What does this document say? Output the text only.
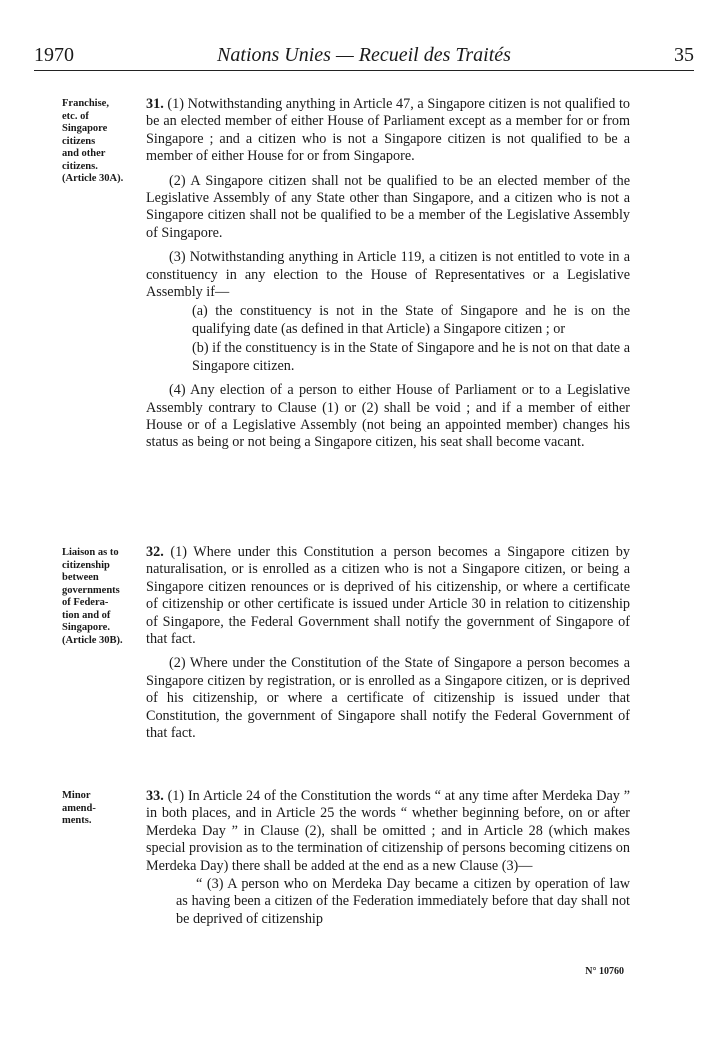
1970	Nations Unies — Recueil des Traités	35
Franchise,
etc. of
Singapore
citizens
and other
citizens.
(Article 30A).

31. (1) Notwithstanding anything in Article 47, a Singapore citizen is not qualified to be an elected member of either House of Parliament except as a member for or from Singapore ; and a citizen who is not a Singapore citizen is not qualified to be a member of either House for or from Singapore.

(2) A Singapore citizen shall not be qualified to be an elected member of the Legislative Assembly of any State other than Singapore, and a citizen who is not a Singapore citizen shall not be qualified to be a member of the Legislative Assembly of Singapore.

(3) Notwithstanding anything in Article 119, a citizen is not entitled to vote in a constituency in any election to the House of Representatives or a Legislative Assembly if—

(a) the constituency is not in the State of Singapore and he is on the qualifying date (as defined in that Article) a Singapore citizen ; or

(b) if the constituency is in the State of Singapore and he is not on that date a Singapore citizen.

(4) Any election of a person to either House of Parliament or to a Legislative Assembly contrary to Clause (1) or (2) shall be void ; and if a member of either House or of a Legislative Assembly (not being an appointed member) changes his status as being or not being a Singapore citizen, his seat shall become vacant.

Liaison as to
citizenship
between
governments
of Federa-
tion and of
Singapore.
(Article 30B).

32. (1) Where under this Constitution a person becomes a Singapore citizen by naturalisation, or is enrolled as a citizen who is not a Singapore citizen, or being a Singapore citizen renounces or is deprived of his citizenship, or where a certificate of citizenship or other certificate is issued under Article 30 in relation to citizenship of Singapore, the Federal Government shall notify the government of Singapore of that fact.

(2) Where under the Constitution of the State of Singapore a person becomes a Singapore citizen by registration, or is enrolled as a Singapore citizen, or is deprived of his citizenship, or where a certificate of citizenship is issued under that Constitution, the government of Singapore shall notify the Federal Government of that fact.

Minor
amend-
ments.

33. (1) In Article 24 of the Constitution the words “ at any time after Merdeka Day ” in both places, and in Article 25 the words “ whether beginning before, on or after Merdeka Day ” in Clause (2), shall be omitted ; and in Article 28 (which makes special provision as to the termination of citizenship of persons becoming citizens on Merdeka Day) there shall be added at the end as a new Clause (3)—

“ (3) A person who on Merdeka Day became a citizen by operation of law as having been a citizen of the Federation immediately before that day shall not be deprived of citizenship

N° 10760
